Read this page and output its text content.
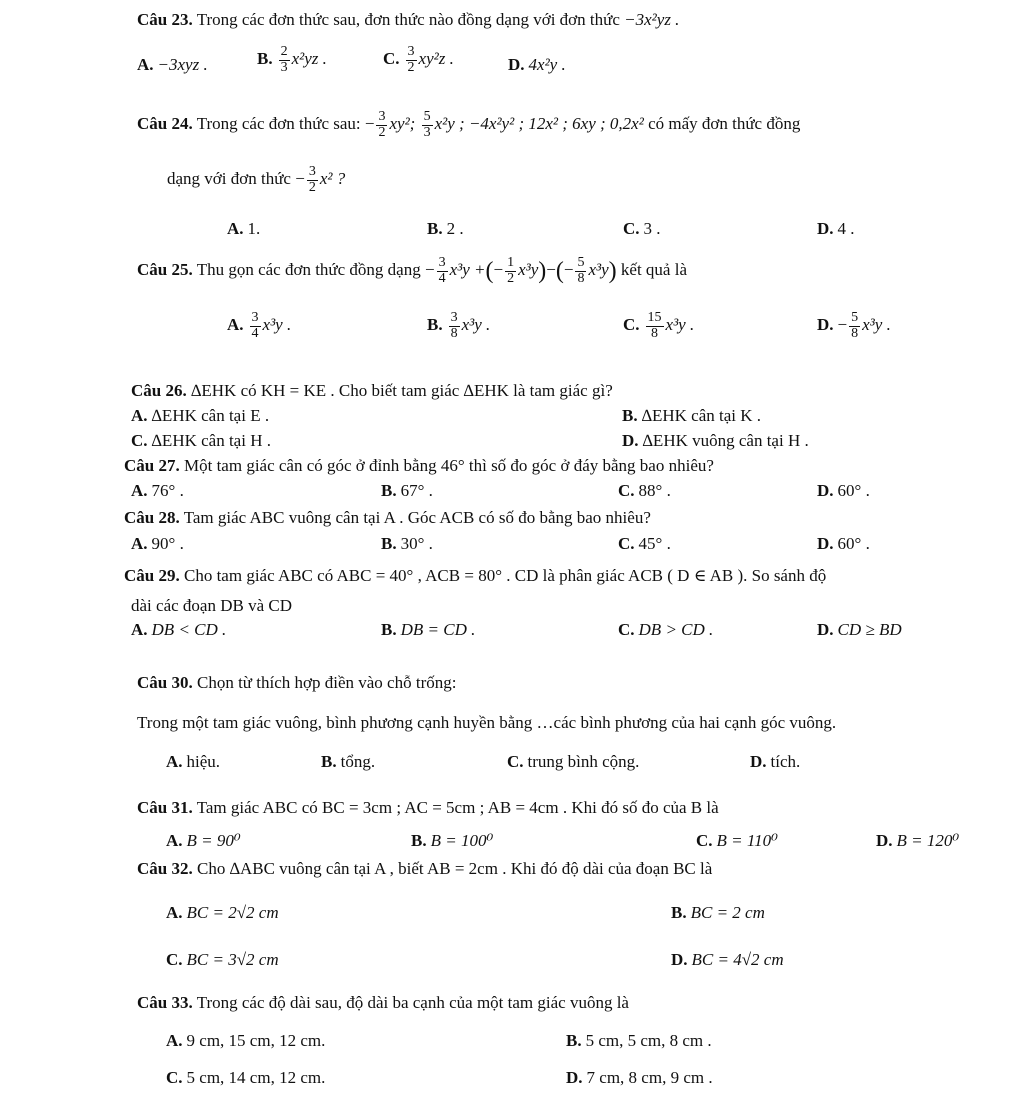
Câu 23. Trong các đơn thức sau, đơn thức nào đồng dạng với đơn thức −3x²yz .
A. −3xyz .	B. $\frac{2}{3} x^2yz$ .	C. $\frac{3}{2} xy^2z$ .	D. 4x²y .
Câu 24. Trong các đơn thức sau: − $\frac{3}{2} xy^2$; $\frac{5}{3} x^2y$ ; −4x²y² ; 12x² ; 6xy ; 0,2x² có mấy đơn thức đồng
dạng với đơn thức − $\frac{3}{2} x^2$ ?
A. 1.	B. 2 .	C. 3 .	D. 4 .
Câu 25. Thu gọn các đơn thức đồng dạng − $\frac{3}{4} x^3y$ +(− $\frac{1}{2} x^3y)-(- \frac{5}{8} x^3y)$ kết quả là
A. $\frac{3}{4} x^3y$ .	B. $\frac{3}{8} x^3y$ .	C. $\frac{15}{8} x^3y$ .	D. − $\frac{5}{8} x^3y$ .
Câu 26. ∆EHK có KH = KE . Cho biết tam giác ∆EHK là tam giác gì?
A. ∆EHK cân tại E .	B. ∆EHK cân tại K .
C. ∆EHK cân tại H .	D. ∆EHK vuông cân tại H .
Câu 27. Một tam giác cân có góc ở đỉnh bằng 46° thì số đo góc ở đáy bằng bao nhiêu?
A. 76° .	B. 67° .	C. 88° .	D. 60° .
Câu 28. Tam giác ABC vuông cân tại A . Góc ACB có số đo bằng bao nhiêu?
A. 90° .	B. 30° .	C. 45° .	D. 60° .
Câu 29. Cho tam giác ABC có ABC = 40° , ACB = 80° . CD là phân giác ACB ( D ∈ AB ). So sánh độ
dài các đoạn DB và CD
A. DB < CD .	B. DB = CD .	C. DB > CD .	D. CD ≥ BD
Câu 30. Chọn từ thích hợp điền vào chỗ trống:
Trong một tam giác vuông, bình phương cạnh huyền bằng …các bình phương của hai cạnh góc vuông.
A. hiệu.	B. tổng.	C. trung bình cộng.	D. tích.
Câu 31. Tam giác ABC có BC = 3cm ; AC = 5cm ; AB = 4cm . Khi đó số đo của B là
A. B = 90⁰	B. B = 100⁰	C. B = 110⁰	D. B = 120⁰
Câu 32. Cho ∆ABC vuông cân tại A , biết AB = 2cm . Khi đó độ dài của đoạn BC là
A. BC = 2√2 cm	B. BC = 2 cm
C. BC = 3√2 cm	D. BC = 4√2 cm
Câu 33. Trong các độ dài sau, độ dài ba cạnh của một tam giác vuông là
A. 9 cm, 15 cm, 12 cm.	B. 5 cm, 5 cm, 8 cm .
C. 5 cm, 14 cm, 12 cm.	D. 7 cm, 8 cm, 9 cm .
